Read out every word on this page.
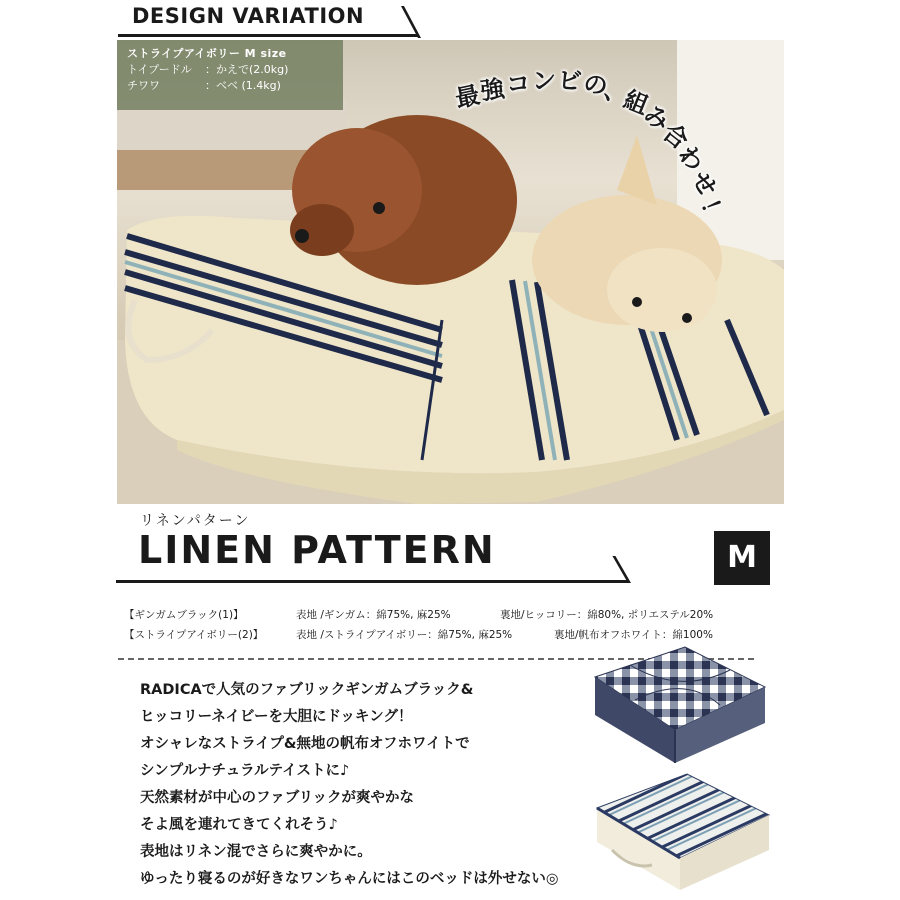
DESIGN VARIATION
ストライプアイボリー M size
トイプードル	：かえで(2.0kg)
チワワ	：ベベ (1.4kg)	最
強 コ ン ビ
の
、
組
み
合
わ
せ
！
リネンパターン
LINEN PATTERN	M
【ギンガムブラック(1)】	表地 /ギンガム：綿75%, 麻25%	裏地/ヒッコリー：綿80%, ポリエステル20%
【ストライプアイボリー(2)】	表地 /ストライプアイボリー：綿75%, 麻25%	裏地/帆布オフホワイト：綿100%

RADICAで人気のファブリックギンガムブラック&

ヒッコリーネイビーを大胆にドッキング！

オシャレなストライプ&無地の帆布オフホワイトで

シンプルナチュラルテイストに♪

天然素材が中心のファブリックが爽やかな

そよ風を連れてきてくれそう♪

表地はリネン混でさらに爽やかに。

ゆったり寝るのが好きなワンちゃんにはこのベッドは外せない◎
